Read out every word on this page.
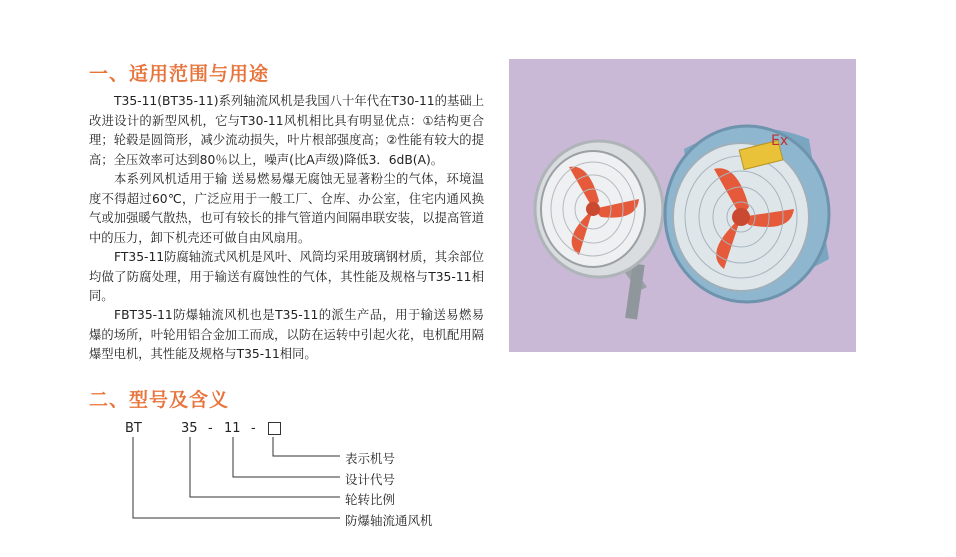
一、适用范围与用途

T35-11(BT35-11)系列轴流风机是我国八十年代在T30-11的基础上改进设计的新型风机，它与T30-11风机相比具有明显优点：①结构更合理；轮毂是圆筒形，减少流动损失，叶片根部强度高；②性能有较大的提高；全压效率可达到80％以上，噪声(比A声级)降低3．6dB(A)。

本系列风机适用于输 送易燃易爆无腐蚀无显著粉尘的气体，环境温度不得超过60℃，广泛应用于一般工厂、仓库、办公室，住宅内通风换气或加强暖气散热，也可有较长的排气管道内间隔串联安装，以提高管道中的压力，卸下机壳还可做自由风扇用。

FT35-11防腐轴流式风机是风叶、风筒均采用玻璃钢材质，其余部位均做了防腐处理，用于输送有腐蚀性的气体，其性能及规格与T35-11相同。

FBT35-11防爆轴流风机也是T35-11的派生产品，用于输送易燃易爆的场所，叶轮用铝合金加工而成，以防在运转中引起火花，电机配用隔爆型电机，其性能及规格与T35-11相同。

Ex
二、型号及含义
BT	35 - 11 -
表示机号
设计代号
轮转比例
防爆轴流通风机
